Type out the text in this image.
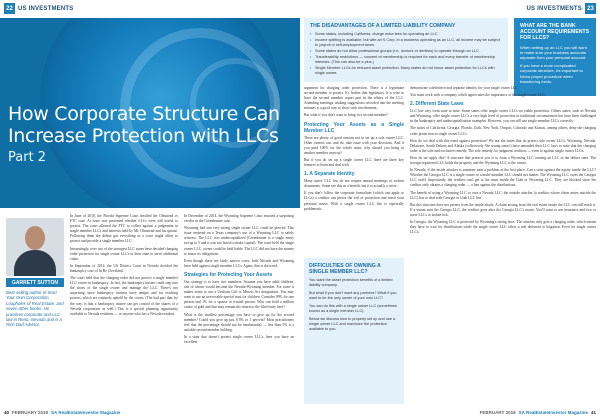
22 US INVESTMENTS
How Corporate Structure Can Increase Protection with LLCs
Part 2
GARRETT SUTTON
Best-selling author of Start Your Own Corporation, Loopholes of Real Estate, and seven other books. He practices corporate and LLC law in Reno, Nevada and is a Rich Dad Advisor.

In June of 2010, the Florida Supreme Court decided the Olmstead vs FTC case. At issue was presented whether LLCs were still useful to protect. The court allowed the FTC to collect against a judgement in single member LLCs and interests held by Mr. Olmstead and his spouse. Following them the debtor got everything as a court might allow to protect and provide a single member LLC.

Interestingly, over two of the strongest LLC states have decided charging order protection for single owner LLCs in their state to serve additional value.

In September of 2014, the US District Court in Nevada decided the bankruptcy case of In Re Cleveland.

The court held that the charging order did not protect a single member LLC owner in bankruptcy. In fact, the bankruptcy trustee could step into the shoes of the single owner and manage the LLC. There's not surprising since bankruptcy trustees have unique and far reaching powers, which are routinely upheld by the courts. (The bad part that, by the way, is that a bankruptcy trustee can get control of the shares of a Nevada corporation as well.) This is a special planning opportunity available to Nevada residents — or anyone who has a Nevada resident.

In December of 2014, the Wyoming Supreme Court enacted a surprising verdict in the Greenhunter case.

Wyoming had one very strong single owner LLC could be pierced. This issue centered on a Texas company's use of a Wyoming LLC to safely reinvest. The LLC was undercapitalized (Greenhunter is a single entity not up to 5 and it was not listed to make capital). The court held the single owner LLC, owner could be held liable. The LLC did not have the money to honor its obligations.

Even though these are fairly narrow cases, both Nevada and Wyoming have held against single member LLCs. Again, that is the trend.

Strategies for Protecting Your Assets

Our strategy is to have two members. Assume you have adult children, one of whom would become the Nevada-Wyoming member. For some it makes sense to use a Uniform Gift to Minors Act designation. You may want to use an irrevocable special trust for children. Consider 99% for one person and 1% for a spouse or trusted person. Who can hold a million ounce of gold and that may remain the return to the filed entry here?

What is the smallest percentage you have to give up for the second member? Could you give up just 0.5% or 1 percent? Most practitioners feel that the percentage should not be insubstantial — less than 5% is a suitable second member holding.

In a state that doesn't protect single owner LLCs, here you have an excellent

40 FEBRUARY 2018 SA RealEstateInvestor Magazine
US INVESTMENTS 23
THE DISADVANTAGES OF A LIMITED LIABILITY COMPANY
• Some states, including California, charge extra fees for operating an LLC.
• Income splitting is available, but with an S Corp, in a business operating as an LLC, all income may be subject to payroll or self-employment taxes.
• Some states do not allow professional groups (i.e., doctors or dentists) to operate through an LLC.
• Transferability restrictions — consent of membership is required for each and every transfer of membership interests. (This can also be a plus.)
• Single Member LLCs for reduced asset protection. Many states do not honor asset protection for LLCs with single owner.
WHAT ARE THE BANK ACCOUNT REQUIREMENTS FOR LLCS?

When setting up an LLC you will want to make sure your business accounts separate from your personal account.

If you have a more complicated corporate structure, it's important to follow proper procedure when transferring funds.

argument for charging order protection. There is a legitimate second member to protect. It's further that legitimacy. It is wise to have the second member report part in the affairs of the LLC. Attending meetings, making suggestions recorded into the meeting minutes is a good way to show such involvement.

But what if you don't want to bring in a second member?

Protecting Your Assets as a Single Member LLC

There are plenty of good reasons not to set up a sole owner LLC. Other owners can, and do, take issue with your decisions. And if you paid 100% for the whole asset, why should you bring in another member anyway?

But if you do set up a single owner LLC there are three key features to learn and deal with.

1. A Separate Identity

Many states' LLC law do not require annual meetings or written documents. Some see this as a benefit, but it is actually a curse.

If you don't follow the corporate formalities (which can apply to LLCs) a creditor can pierce the veil of protection and reach your personal assets. With a single owner LLC this is especially problematic.

DIFFICULTIES OF OWNING A SINGLE MEMBER LLC?

You want the asset protection benefits of a limited liability company.

But what if you don't want any partners? What if you want to be the only owner of your own LLC?

You can do this with a single owner LLC (sometimes known as a single member LLC).

Below we discuss how to properly set up and use a single owner LLC and maximize the protection available to you.

demonstrate a definitive and separate identity for your single owner LLC.

You must work with a company which appreciates the importance of the single owner LLC.

2. Different State Laws

LLC law vary from state to state. Some states offer single owner LLCs no viable protection. Others states, such as Nevada and Wyoming, offer single owner LLCs a very high level of protection in traditional circumstances but have been challenged in the bankruptcy and undercapitalization examples. However, you can still use single member LLCs correctly.

The states of California, Georgia, Florida, Utah, New York, Oregon, Colorado and Kansas, among others, deny the charging order protection to single owner LLCs.

How do we deal with this trend against protection? We use the states that do protect sole owner LLCs. Wyoming, Nevada, Delaware, South Dakota and Alaska (collectively 'the strong states') have amended their LLC laws to state that the charging order is the sole and exclusive remedy. The sole remedy for judgment creditors — even to against single owner LLCs.

How do we apply this? A structure that protects you is to form a Wyoming LLC owning an LLC in the debtor state. The foreign-registered LLC holds the property and the Wyoming LLC is the owner.

In Nevada, if the inside attacker is someone near a problem at the first place. Can a state against the equity inside the LLC? Whether the Georgia LLC is a single owner or a multi-member LLC should not matter. The Wyoming LLC owns the Georgia LLC itself. Importantly, the creditor can't get at the asset inside the Utah or Wyoming LLC. They are blocked since the creditor only obtains a charging order — a lien against the distributions.

The benefit of using a Wyoming LLC to own a Nevada LLC, the outside attacker (a creditor whose claim arises outside the LLC) has to deal with Georgia or Utah LLC law.

But this structure does not protect from the inside attack. A claim arising from the real estate inside the LLC can still reach it. If a tenant sues the Georgia LLC, the creditor goes after the Georgia LLC's assets. You'll want to use insurance and two or more LLCs to isolate risk.

In Georgia, the Wyoming LLC is protected by Wyoming's strong laws. The attacker only gets a charging order, which means they have to wait for distributions while the single owner LLC offers a real deterrent to litigation. Even for single owner LLCs.

FEBRUARY 2018 SA RealEstateInvestor Magazine 41
